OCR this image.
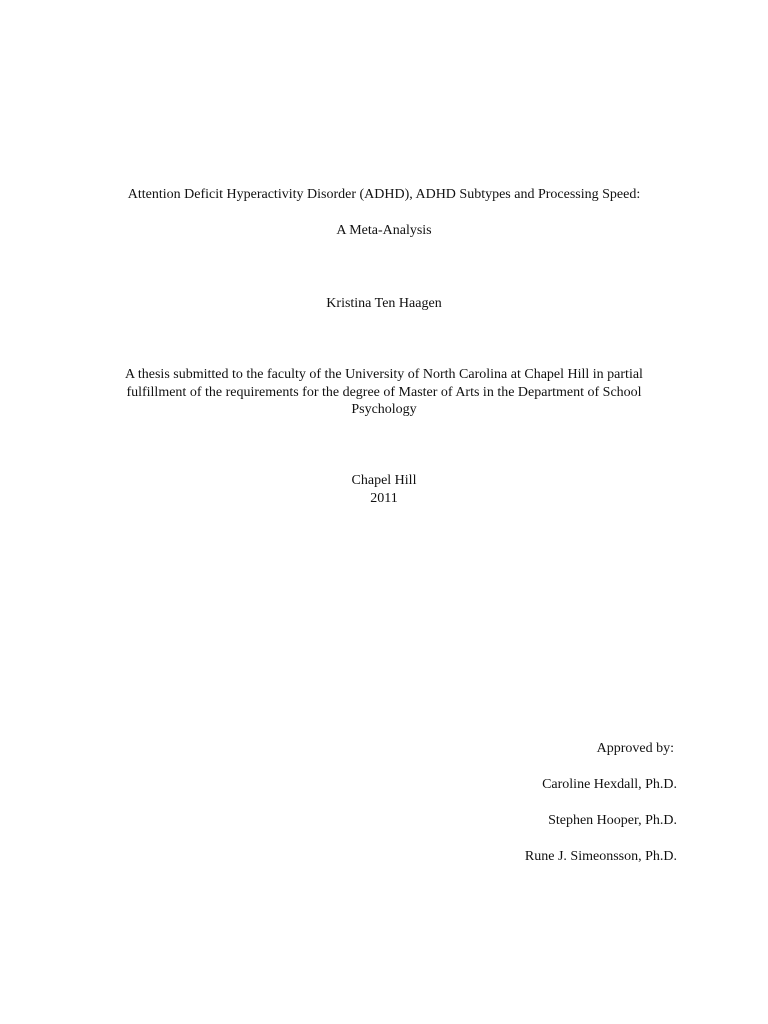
Attention Deficit Hyperactivity Disorder (ADHD), ADHD Subtypes and Processing Speed:
A Meta-Analysis
Kristina Ten Haagen
A thesis submitted to the faculty of the University of North Carolina at Chapel Hill in partial
fulfillment of the requirements for the degree of Master of Arts in the Department of School
Psychology
Chapel Hill
2011
Approved by:
Caroline Hexdall, Ph.D.
Stephen Hooper, Ph.D.
Rune J. Simeonsson, Ph.D.
